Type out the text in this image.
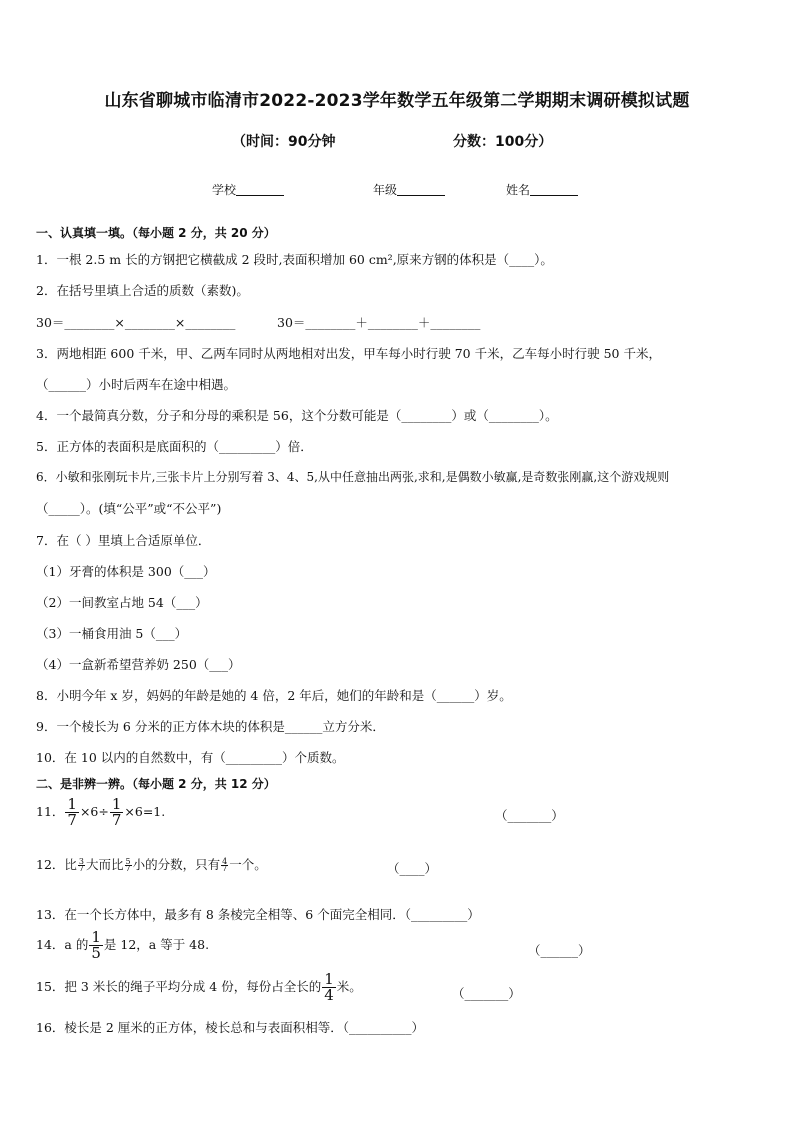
山东省聊城市临清市2022-2023学年数学五年级第二学期期末调研模拟试题
（时间：90分钟	分数：100分）
学校	年级	姓名
一、认真填一填。（每小题 2 分，共 20 分）
1．一根 2.5 m 长的方钢把它横截成 2 段时,表面积增加 60 cm²,原来方钢的体积是（____）。
2．在括号里填上合适的质数（素数)。
30＝________×________×________	30＝________＋________＋________
3．两地相距 600 千米，甲、乙两车同时从两地相对出发，甲车每小时行驶 70 千米，乙车每小时行驶 50 千米，
（______）小时后两车在途中相遇。
4．一个最简真分数，分子和分母的乘积是 56，这个分数可能是（________）或（________）。
5．正方体的表面积是底面积的（_________）倍．
6．小敏和张刚玩卡片,三张卡片上分别写着 3、4、5,从中任意抽出两张,求和,是偶数小敏赢,是奇数张刚赢,这个游戏规则
（_____）。(填“公平”或“不公平”)
7．在（ ）里填上合适原单位．
（1）牙膏的体积是 300（___）
（2）一间教室占地 54（___）
（3）一桶食用油 5（___）
（4）一盒新希望营养奶 250（___）
8．小明今年 x 岁，妈妈的年龄是她的 4 倍，2 年后，她们的年龄和是（______）岁。
9．一个棱长为 6 分米的正方体木块的体积是______立方分米．
10．在 10 以内的自然数中，有（_________）个质数。
二、是非辨一辨。（每小题 2 分，共 12 分）
11． $\frac{1}{7} \times 6\div \frac{1}{7} \times 6=1$.	（_______）
12．比 $\frac{3}{7}$ 大而比 $\frac{5}{7}$ 小的分数，只有 $\frac{4}{7}$ 一个。	（____）
13．在一个长方体中，最多有 8 条棱完全相等、6 个面完全相同．（_________）
14．a 的 $\frac{1}{5}$ 是 12，a 等于 48.	（______）
15．把 3 米长的绳子平均分成 4 份，每份占全长的 $\frac{1}{4}$ 米。	（_______）
16．棱长是 2 厘米的正方体，棱长总和与表面积相等．（__________）
